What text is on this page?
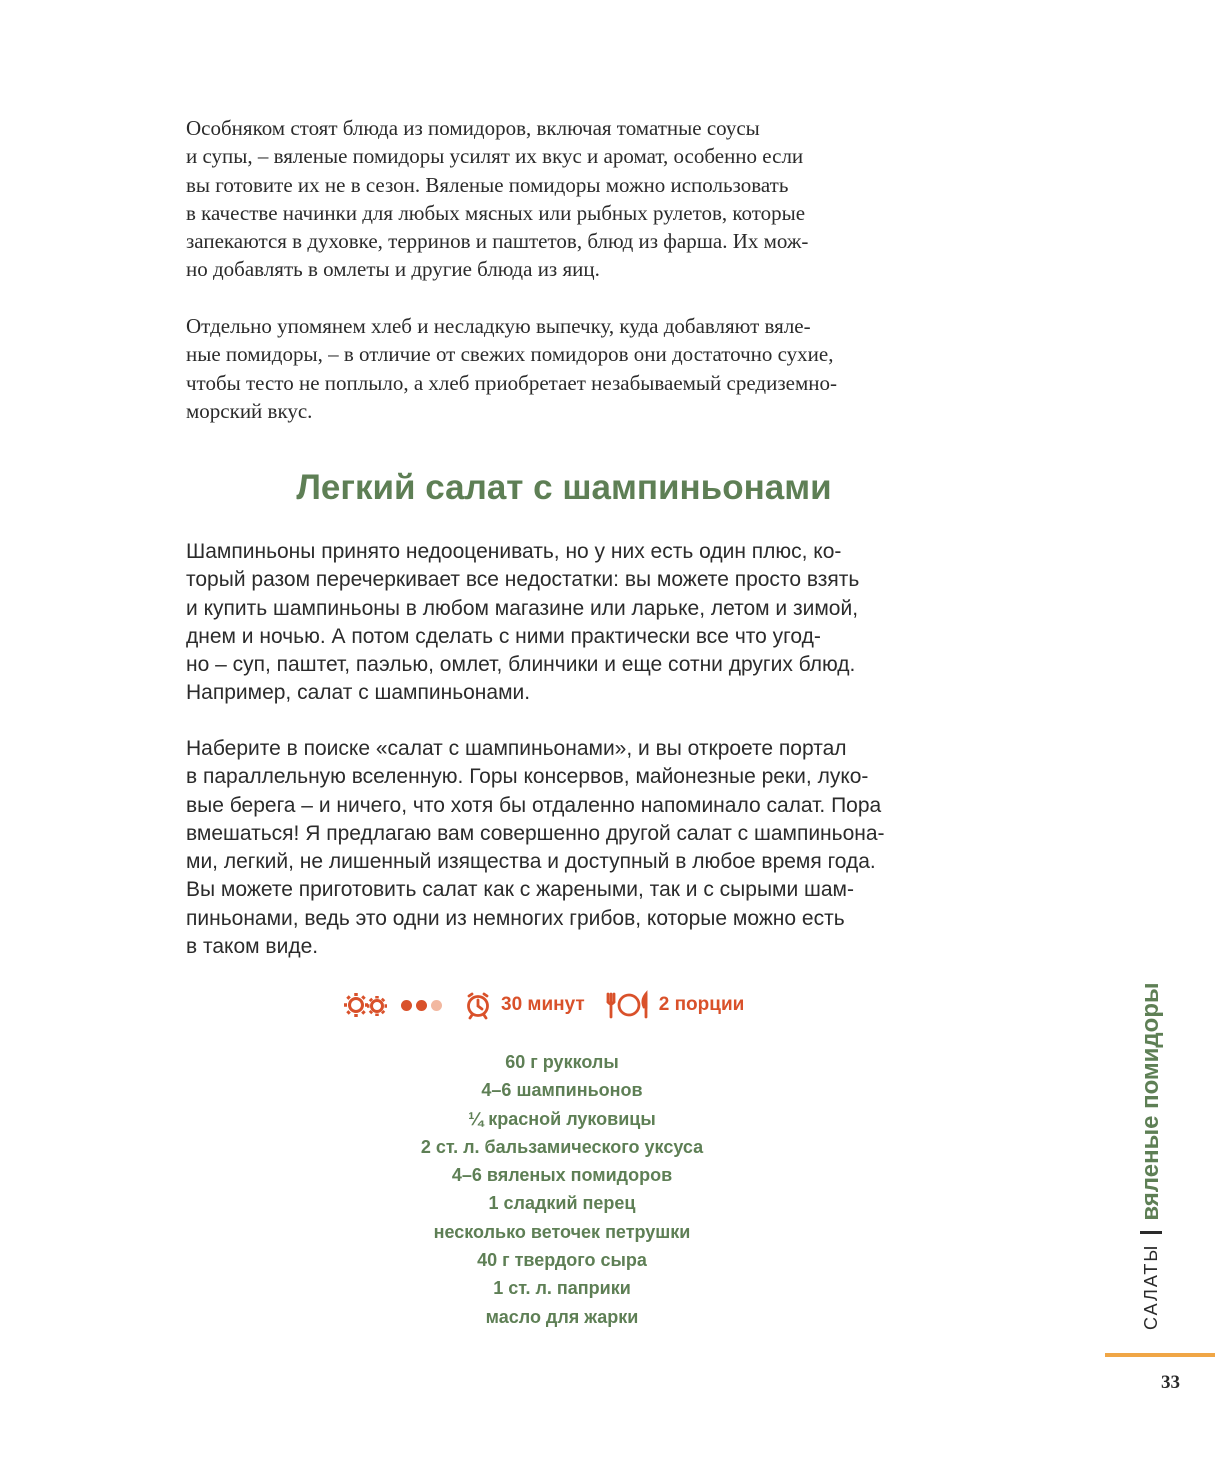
Особняком стоят блюда из помидоров, включая томатные соусы
и супы, – вяленые помидоры усилят их вкус и аромат, особенно если
вы готовите их не в сезон. Вяленые помидоры можно использовать
в качестве начинки для любых мясных или рыбных рулетов, которые
запекаются в духовке, терринов и паштетов, блюд из фарша. Их мож-
но добавлять в омлеты и другие блюда из яиц.
Отдельно упомянем хлеб и несладкую выпечку, куда добавляют вяле-
ные помидоры, – в отличие от свежих помидоров они достаточно сухие,
чтобы тесто не поплыло, а хлеб приобретает незабываемый средиземно-
морский вкус.
Легкий салат с шампиньонами
Шампиньоны принято недооценивать, но у них есть один плюс, ко-
торый разом перечеркивает все недостатки: вы можете просто взять
и купить шампиньоны в любом магазине или ларьке, летом и зимой,
днем и ночью. А потом сделать с ними практически все что угод-
но – суп, паштет, паэлью, омлет, блинчики и еще сотни других блюд.
Например, салат с шампиньонами.
Наберите в поиске «салат с шампиньонами», и вы откроете портал
в параллельную вселенную. Горы консервов, майонезные реки, луко-
вые берега – и ничего, что хотя бы отдаленно напоминало салат. Пора
вмешаться! Я предлагаю вам совершенно другой салат с шампиньона-
ми, легкий, не лишенный изящества и доступный в любое время года.
Вы можете приготовить салат как с жареными, так и с сырыми шам-
пиньонами, ведь это одни из немногих грибов, которые можно есть
в таком виде.
30 минут	2 порции
60 г рукколы
4–6 шампиньонов
¼ красной луковицы
2 ст. л. бальзамического уксуса
4–6 вяленых помидоров
1 сладкий перец
несколько веточек петрушки
40 г твердого сыра
1 ст. л. паприки
масло для жарки	САЛАТЫ
вяленые помидоры
33
